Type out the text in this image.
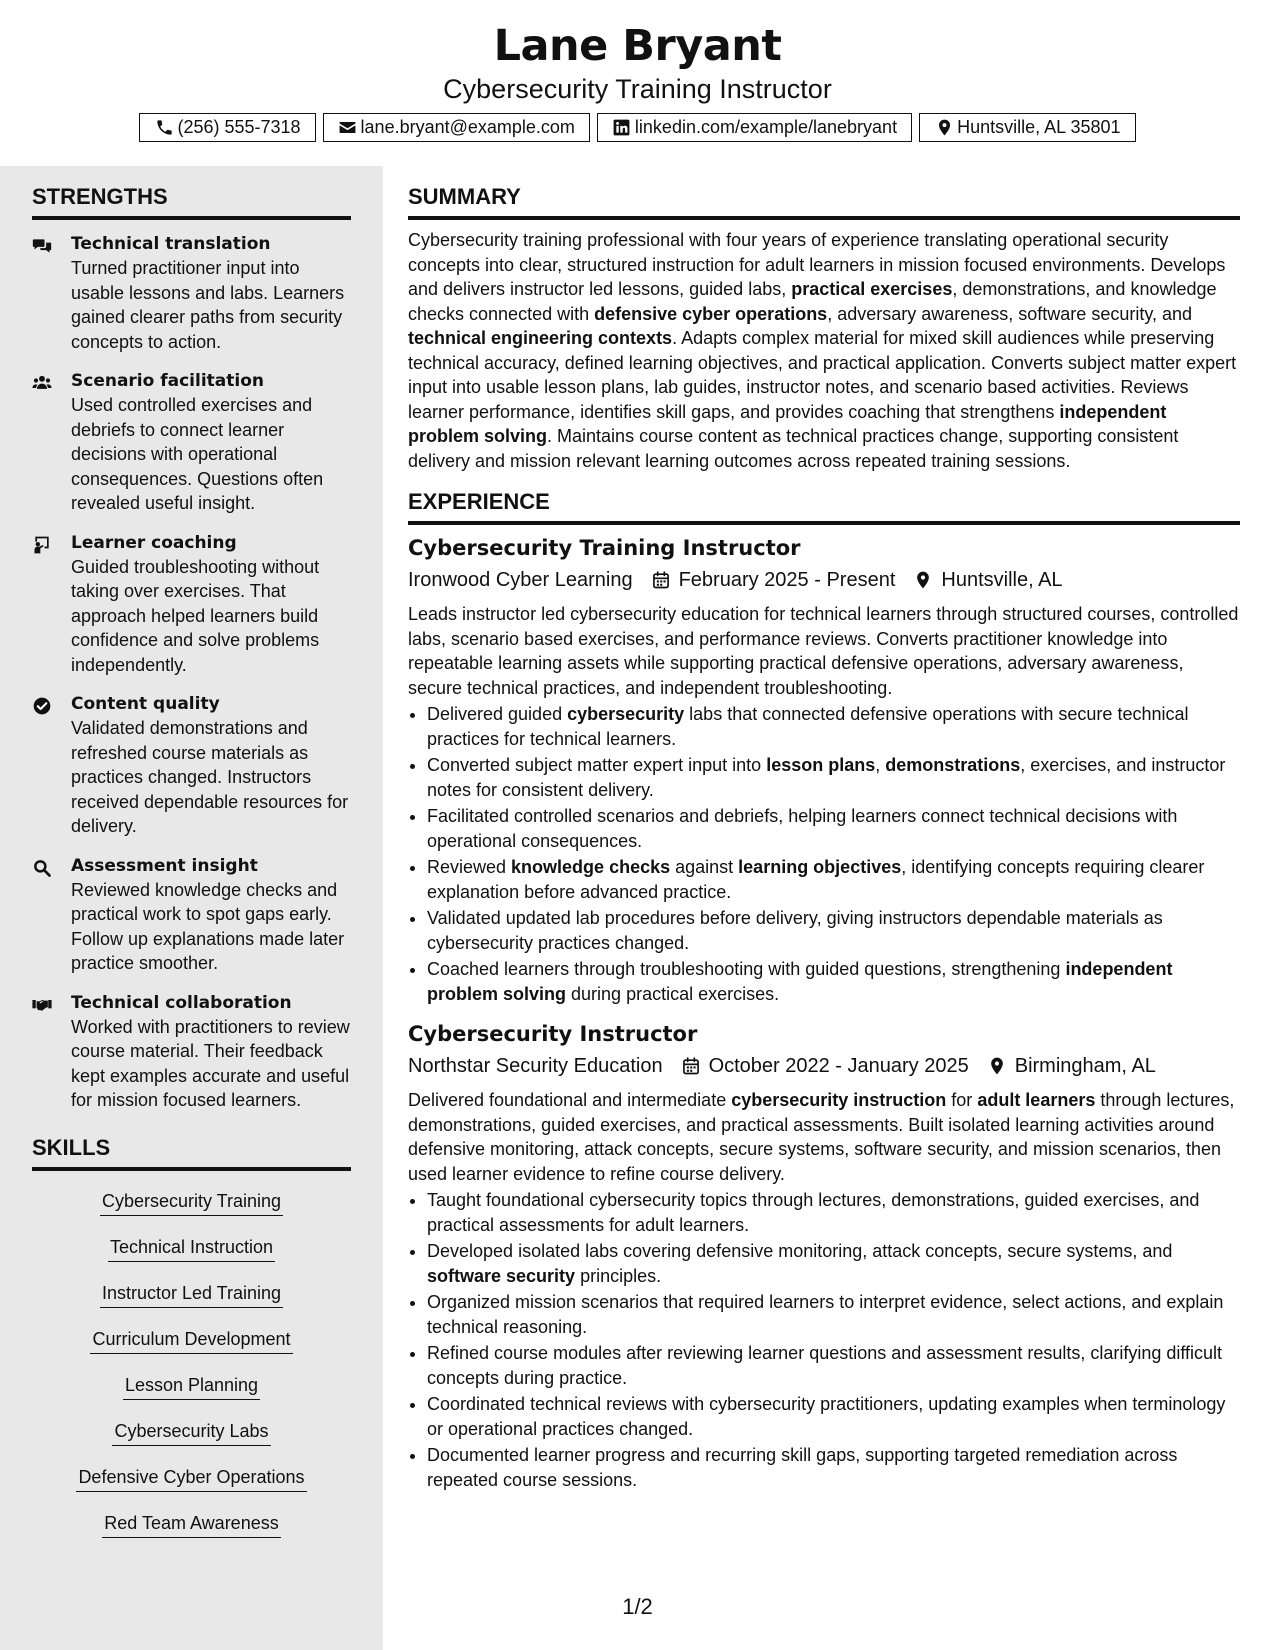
Lane Bryant
Cybersecurity Training Instructor
(256) 555-7318	lane.bryant@example.com	linkedin.com/example/lanebryant	Huntsville, AL 35801
STRENGTHS
Technical translation
Turned practitioner input into usable lessons and labs. Learners gained clearer paths from security concepts to action.
Scenario facilitation
Used controlled exercises and debriefs to connect learner decisions with operational consequences. Questions often revealed useful insight.
Learner coaching
Guided troubleshooting without taking over exercises. That approach helped learners build confidence and solve problems independently.
Content quality
Validated demonstrations and refreshed course materials as practices changed. Instructors received dependable resources for delivery.
Assessment insight
Reviewed knowledge checks and practical work to spot gaps early. Follow up explanations made later practice smoother.
Technical collaboration
Worked with practitioners to review course material. Their feedback kept examples accurate and useful for mission focused learners.
SKILLS
Cybersecurity Training
Technical Instruction
Instructor Led Training
Curriculum Development
Lesson Planning
Cybersecurity Labs
Defensive Cyber Operations
Red Team Awareness
SUMMARY

Cybersecurity training professional with four years of experience translating operational security concepts into clear, structured instruction for adult learners in mission focused environments. Develops and delivers instructor led lessons, guided labs, practical exercises, demonstrations, and knowledge checks connected with defensive cyber operations, adversary awareness, software security, and technical engineering contexts. Adapts complex material for mixed skill audiences while preserving technical accuracy, defined learning objectives, and practical application. Converts subject matter expert input into usable lesson plans, lab guides, instructor notes, and scenario based activities. Reviews learner performance, identifies skill gaps, and provides coaching that strengthens independent problem solving. Maintains course content as technical practices change, supporting consistent delivery and mission relevant learning outcomes across repeated training sessions.

EXPERIENCE
Cybersecurity Training Instructor
Ironwood Cyber Learning February 2025 - Present Huntsville, AL

Leads instructor led cybersecurity education for technical learners through structured courses, controlled labs, scenario based exercises, and performance reviews. Converts practitioner knowledge into repeatable learning assets while supporting practical defensive operations, adversary awareness, secure technical practices, and independent troubleshooting.

• Delivered guided cybersecurity labs that connected defensive operations with secure technical practices for technical learners.
• Converted subject matter expert input into lesson plans, demonstrations, exercises, and instructor notes for consistent delivery.
• Facilitated controlled scenarios and debriefs, helping learners connect technical decisions with operational consequences.
• Reviewed knowledge checks against learning objectives, identifying concepts requiring clearer explanation before advanced practice.
• Validated updated lab procedures before delivery, giving instructors dependable materials as cybersecurity practices changed.
• Coached learners through troubleshooting with guided questions, strengthening independent problem solving during practical exercises.
Cybersecurity Instructor
Northstar Security Education October 2022 - January 2025 Birmingham, AL

Delivered foundational and intermediate cybersecurity instruction for adult learners through lectures, demonstrations, guided exercises, and practical assessments. Built isolated learning activities around defensive monitoring, attack concepts, secure systems, software security, and mission scenarios, then used learner evidence to refine course delivery.

• Taught foundational cybersecurity topics through lectures, demonstrations, guided exercises, and practical assessments for adult learners.
• Developed isolated labs covering defensive monitoring, attack concepts, secure systems, and software security principles.
• Organized mission scenarios that required learners to interpret evidence, select actions, and explain technical reasoning.
• Refined course modules after reviewing learner questions and assessment results, clarifying difficult concepts during practice.
• Coordinated technical reviews with cybersecurity practitioners, updating examples when terminology or operational practices changed.
• Documented learner progress and recurring skill gaps, supporting targeted remediation across repeated course sessions.
1/2
